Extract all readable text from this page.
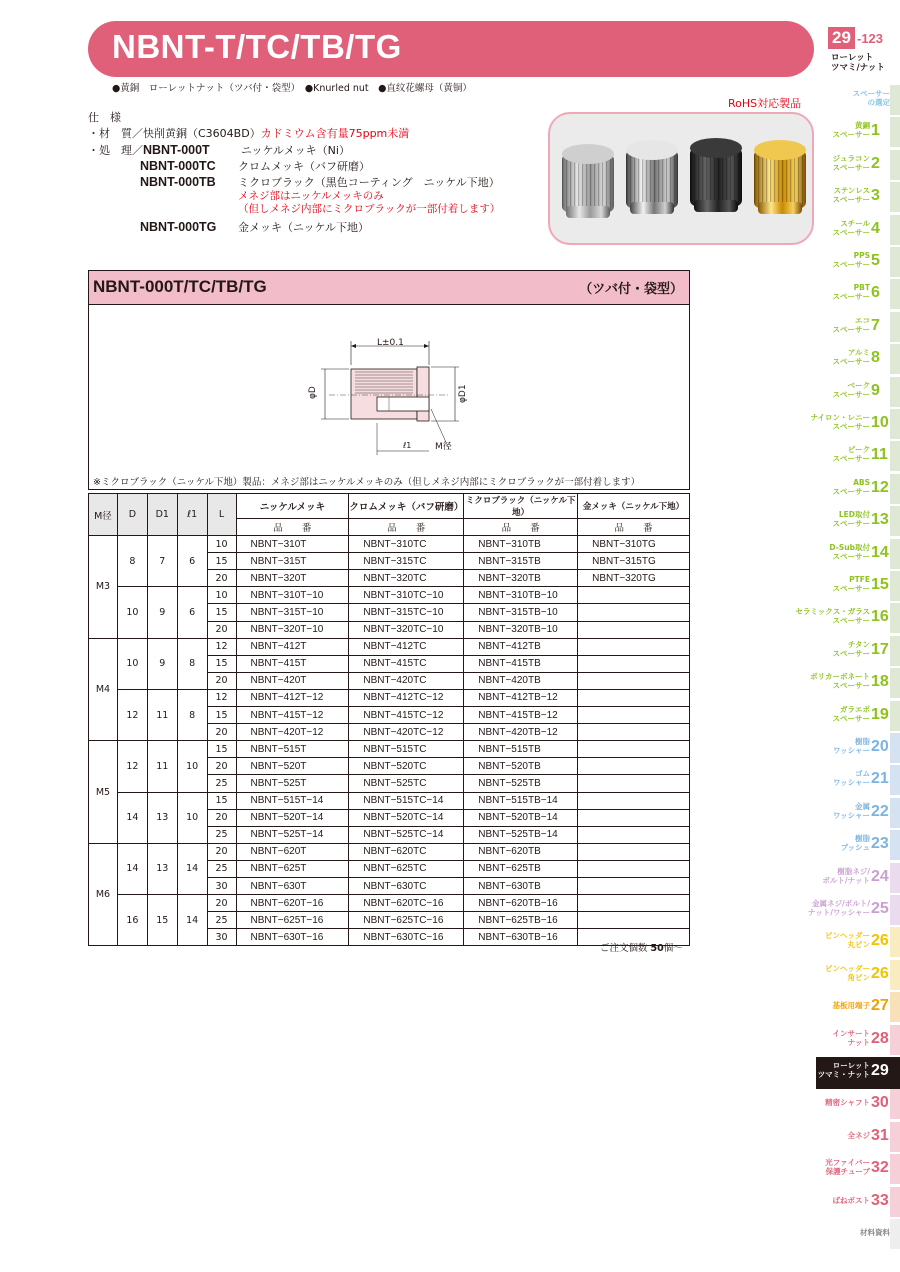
NBNT-T/TC/TB/TG
●黄銅　ローレットナット（ツバ付・袋型）　●Knurled nut　●直纹花螺母（黄铜）
29 -123
ローレット
ツマミ/ナット
仕　様
・材　質／快削黄銅（C3604BD）カドミウム含有量75ppm未満
・処　理／NBNT-000T	ニッケルメッキ（Ni）
NBNT-000TC クロムメッキ（バフ研磨）
NBNT-000TB ミクロブラック（黒色コーティング　ニッケル下地）
メネジ部はニッケルメッキのみ
（但しメネジ内部にミクロブラックが一部付着します）
NBNT-000TG 金メッキ（ニッケル下地）
RoHS対応製品
NBNT-000T/TC/TB/TG	（ツバ付・袋型）
L±0.1
φD	φD1
ℓ1	M径
※ミクロブラック（ニッケル下地）製品：メネジ部はニッケルメッキのみ（但しメネジ内部にミクロブラックが一部付着します）
M径	D	D1	ℓ1	L	ニッケルメッキ	クロムメッキ（バフ研磨）	ミクロブラック（ニッケル下地）	金メッキ（ニッケル下地）
					品　　番	品　　番	品　　番	品　　番
M3	8	7	6	10	NBNT−310T	NBNT−310TC	NBNT−310TB	NBNT−310TG
				15	NBNT−315T	NBNT−315TC	NBNT−315TB	NBNT−315TG
				20	NBNT−320T	NBNT−320TC	NBNT−320TB	NBNT−320TG
	10	9	6	10	NBNT−310T−10	NBNT−310TC−10	NBNT−310TB−10	
				15	NBNT−315T−10	NBNT−315TC−10	NBNT−315TB−10	
				20	NBNT−320T−10	NBNT−320TC−10	NBNT−320TB−10	
M4	10	9	8	12	NBNT−412T	NBNT−412TC	NBNT−412TB	
				15	NBNT−415T	NBNT−415TC	NBNT−415TB	
				20	NBNT−420T	NBNT−420TC	NBNT−420TB	
	12	11	8	12	NBNT−412T−12	NBNT−412TC−12	NBNT−412TB−12	
				15	NBNT−415T−12	NBNT−415TC−12	NBNT−415TB−12	
				20	NBNT−420T−12	NBNT−420TC−12	NBNT−420TB−12	
M5	12	11	10	15	NBNT−515T	NBNT−515TC	NBNT−515TB	
				20	NBNT−520T	NBNT−520TC	NBNT−520TB	
				25	NBNT−525T	NBNT−525TC	NBNT−525TB	
	14	13	10	15	NBNT−515T−14	NBNT−515TC−14	NBNT−515TB−14	
				20	NBNT−520T−14	NBNT−520TC−14	NBNT−520TB−14	
				25	NBNT−525T−14	NBNT−525TC−14	NBNT−525TB−14	
M6	14	13	14	20	NBNT−620T	NBNT−620TC	NBNT−620TB	
				25	NBNT−625T	NBNT−625TC	NBNT−625TB	
				30	NBNT−630T	NBNT−630TC	NBNT−630TB	
	16	15	14	20	NBNT−620T−16	NBNT−620TC−16	NBNT−620TB−16	
				25	NBNT−625T−16	NBNT−625TC−16	NBNT−625TB−16	
				30	NBNT−630T−16	NBNT−630TC−16	NBNT−630TB−16	
ご注文個数 50個〜
スペーサー
の選定
黄銅
スペーサー 1
ジュラコン
スペーサー 2
ステンレス
スペーサー 3
スチール
スペーサー 4
PPS
スペーサー 5
PBT
スペーサー 6
エコ
スペーサー 7
アルミ
スペーサー 8
ベーク
スペーサー 9
ナイロン・レニー
スペーサー 10
ピーク
スペーサー 11
ABS
スペーサー 12
LED取付
スペーサー 13
D-Sub取付
スペーサー 14
PTFE
スペーサー 15
セラミックス・ガラス
スペーサー 16
チタン
スペーサー 17
ポリカーボネート
スペーサー 18
ガラエポ
スペーサー 19
樹脂
ワッシャー 20
ゴム
ワッシャー 21
金属
ワッシャー 22
樹脂
ブッシュ 23
樹脂ネジ/
ボルト/ナット 24
金属ネジ/ボルト/
ナット/ワッシャー 25
ピンヘッダー
丸ピン 26
ピンヘッダー
角ピン 26
基板用端子 27
インサート
ナット 28
ローレット
ツマミ・ナット 29
精密シャフト 30
全ネジ 31
光ファイバー
保護チューブ 32
ばねポスト 33
材料資料
